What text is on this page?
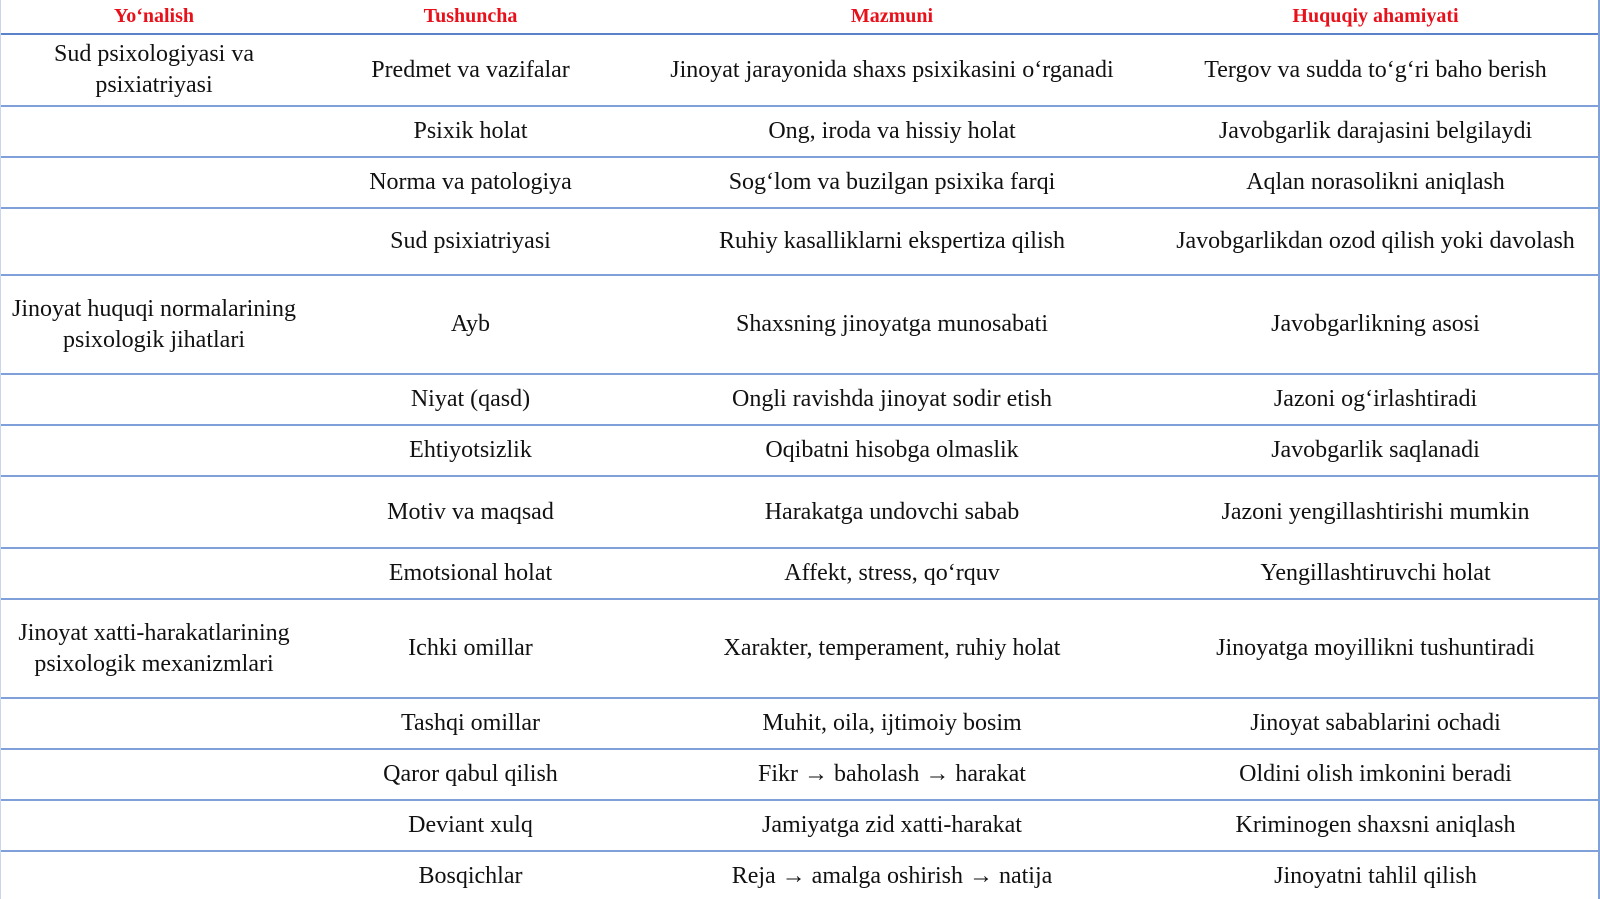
Yo‘nalish	Tushuncha	Mazmuni	Huquqiy ahamiyati
Sud psixologiyasi va psixiatriyasi	Predmet va vazifalar	Jinoyat jarayonida shaxs psixikasini o‘rganadi	Tergov va sudda to‘g‘ri baho berish
	Psixik holat	Ong, iroda va hissiy holat	Javobgarlik darajasini belgilaydi
	Norma va patologiya	Sog‘lom va buzilgan psixika farqi	Aqlan norasolikni aniqlash
	Sud psixiatriyasi	Ruhiy kasalliklarni ekspertiza qilish	Javobgarlikdan ozod qilish yoki davolash
Jinoyat huquqi normalarining psixologik jihatlari	Ayb	Shaxsning jinoyatga munosabati	Javobgarlikning asosi
	Niyat (qasd)	Ongli ravishda jinoyat sodir etish	Jazoni og‘irlashtiradi
	Ehtiyotsizlik	Oqibatni hisobga olmaslik	Javobgarlik saqlanadi
	Motiv va maqsad	Harakatga undovchi sabab	Jazoni yengillashtirishi mumkin
	Emotsional holat	Affekt, stress, qo‘rquv	Yengillashtiruvchi holat
Jinoyat xatti-harakatlarining psixologik mexanizmlari	Ichki omillar	Xarakter, temperament, ruhiy holat	Jinoyatga moyillikni tushuntiradi
	Tashqi omillar	Muhit, oila, ijtimoiy bosim	Jinoyat sabablarini ochadi
	Qaror qabul qilish	Fikr → baholash → harakat	Oldini olish imkonini beradi
	Deviant xulq	Jamiyatga zid xatti-harakat	Kriminogen shaxsni aniqlash
	Bosqichlar	Reja → amalga oshirish → natija	Jinoyatni tahlil qilish
